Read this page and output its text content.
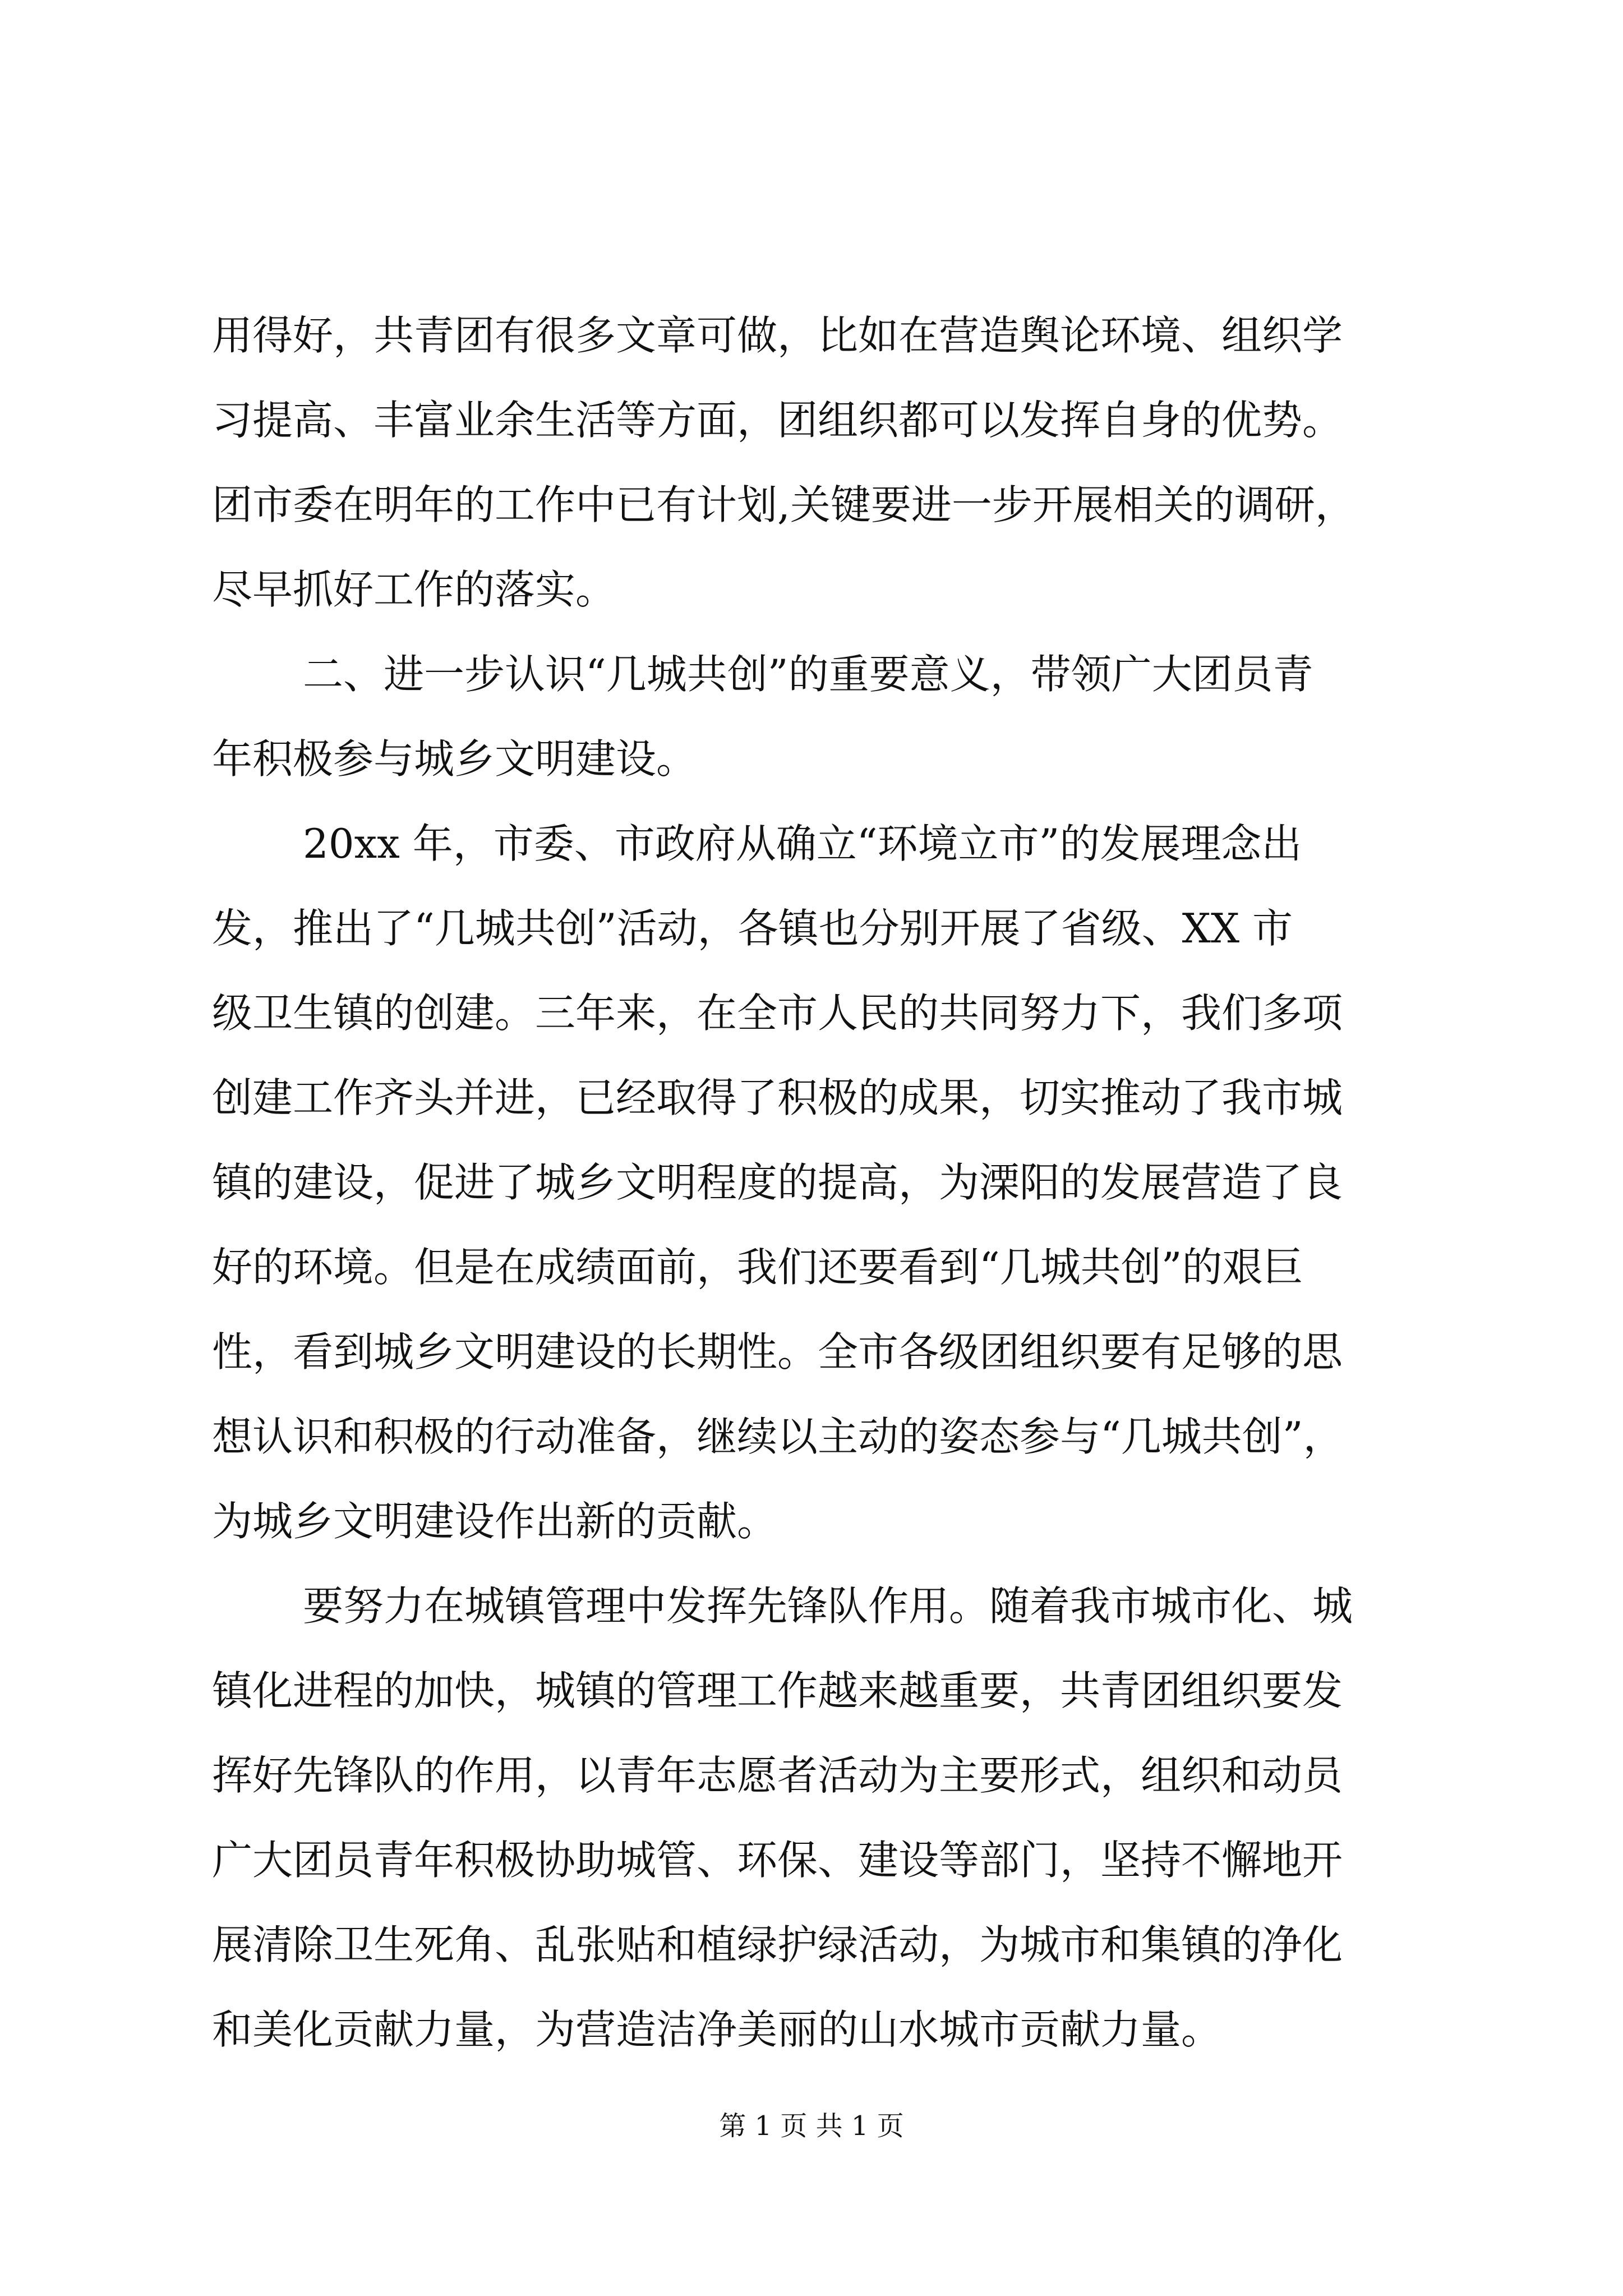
用得好，共青团有很多文章可做，比如在营造舆论环境、组织学
习提高、丰富业余生活等方面，团组织都可以发挥自身的优势。
团市委在明年的工作中已有计划,关键要进一步开展相关的调研，
尽早抓好工作的落实。
二、进一步认识“几城共创”的重要意义，带领广大团员青
年积极参与城乡文明建设。
20xx 年，市委、市政府从确立“环境立市”的发展理念出
发，推出了“几城共创”活动，各镇也分别开展了省级、XX 市
级卫生镇的创建。三年来，在全市人民的共同努力下，我们多项
创建工作齐头并进，已经取得了积极的成果，切实推动了我市城
镇的建设，促进了城乡文明程度的提高，为溧阳的发展营造了良
好的环境。但是在成绩面前，我们还要看到“几城共创”的艰巨
性，看到城乡文明建设的长期性。全市各级团组织要有足够的思
想认识和积极的行动准备，继续以主动的姿态参与“几城共创”，
为城乡文明建设作出新的贡献。
要努力在城镇管理中发挥先锋队作用。随着我市城市化、城
镇化进程的加快，城镇的管理工作越来越重要，共青团组织要发
挥好先锋队的作用，以青年志愿者活动为主要形式，组织和动员
广大团员青年积极协助城管、环保、建设等部门，坚持不懈地开
展清除卫生死角、乱张贴和植绿护绿活动，为城市和集镇的净化
和美化贡献力量，为营造洁净美丽的山水城市贡献力量。
第 1 页 共 1 页
